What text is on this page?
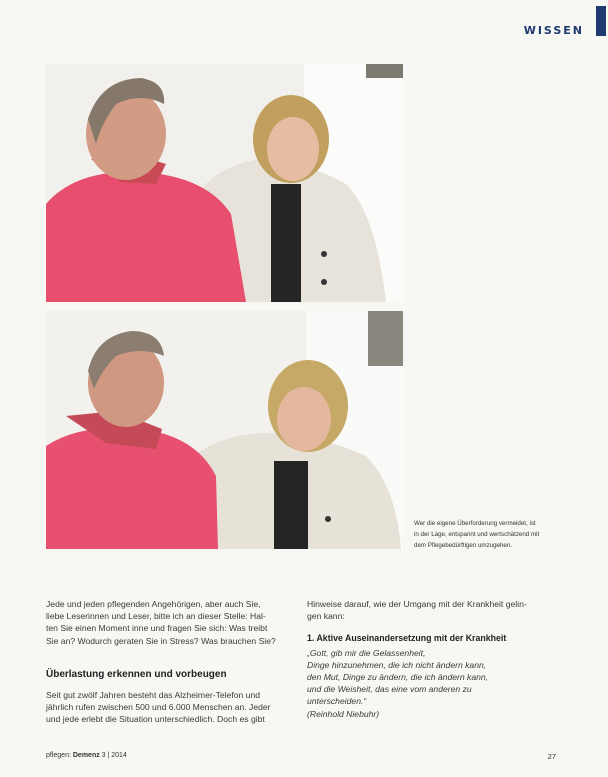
WISSEN
Wer die eigene Überforderung vermeidet, ist
in der Lage, entspannt und wertschätzend mit
dem Pflegebedürftigen umzugehen.

Jede und jeden pflegenden Angehörigen, aber auch Sie,
liebe Leserinnen und Leser, bitte ich an dieser Stelle: Hal-
ten Sie einen Moment inne und fragen Sie sich: Was treibt
Sie an? Wodurch geraten Sie in Stress? Was brauchen Sie?

Überlastung erkennen und vorbeugen

Seit gut zwölf Jahren besteht das Alzheimer-Telefon und
jährlich rufen zwischen 500 und 6.000 Menschen an. Jeder
und jede erlebt die Situation unterschiedlich. Doch es gibt

Hinweise darauf, wie der Umgang mit der Krankheit gelin-
gen kann:

1. Aktive Auseinandersetzung mit der Krankheit

„Gott, gib mir die Gelassenheit,
Dinge hinzunehmen, die ich nicht ändern kann,
den Mut, Dinge zu ändern, die ich ändern kann,
und die Weisheit, das eine vom anderen zu
unterscheiden.“
(Reinhold Niebuhr)

pflegen: Demenz 3 | 2014	27
